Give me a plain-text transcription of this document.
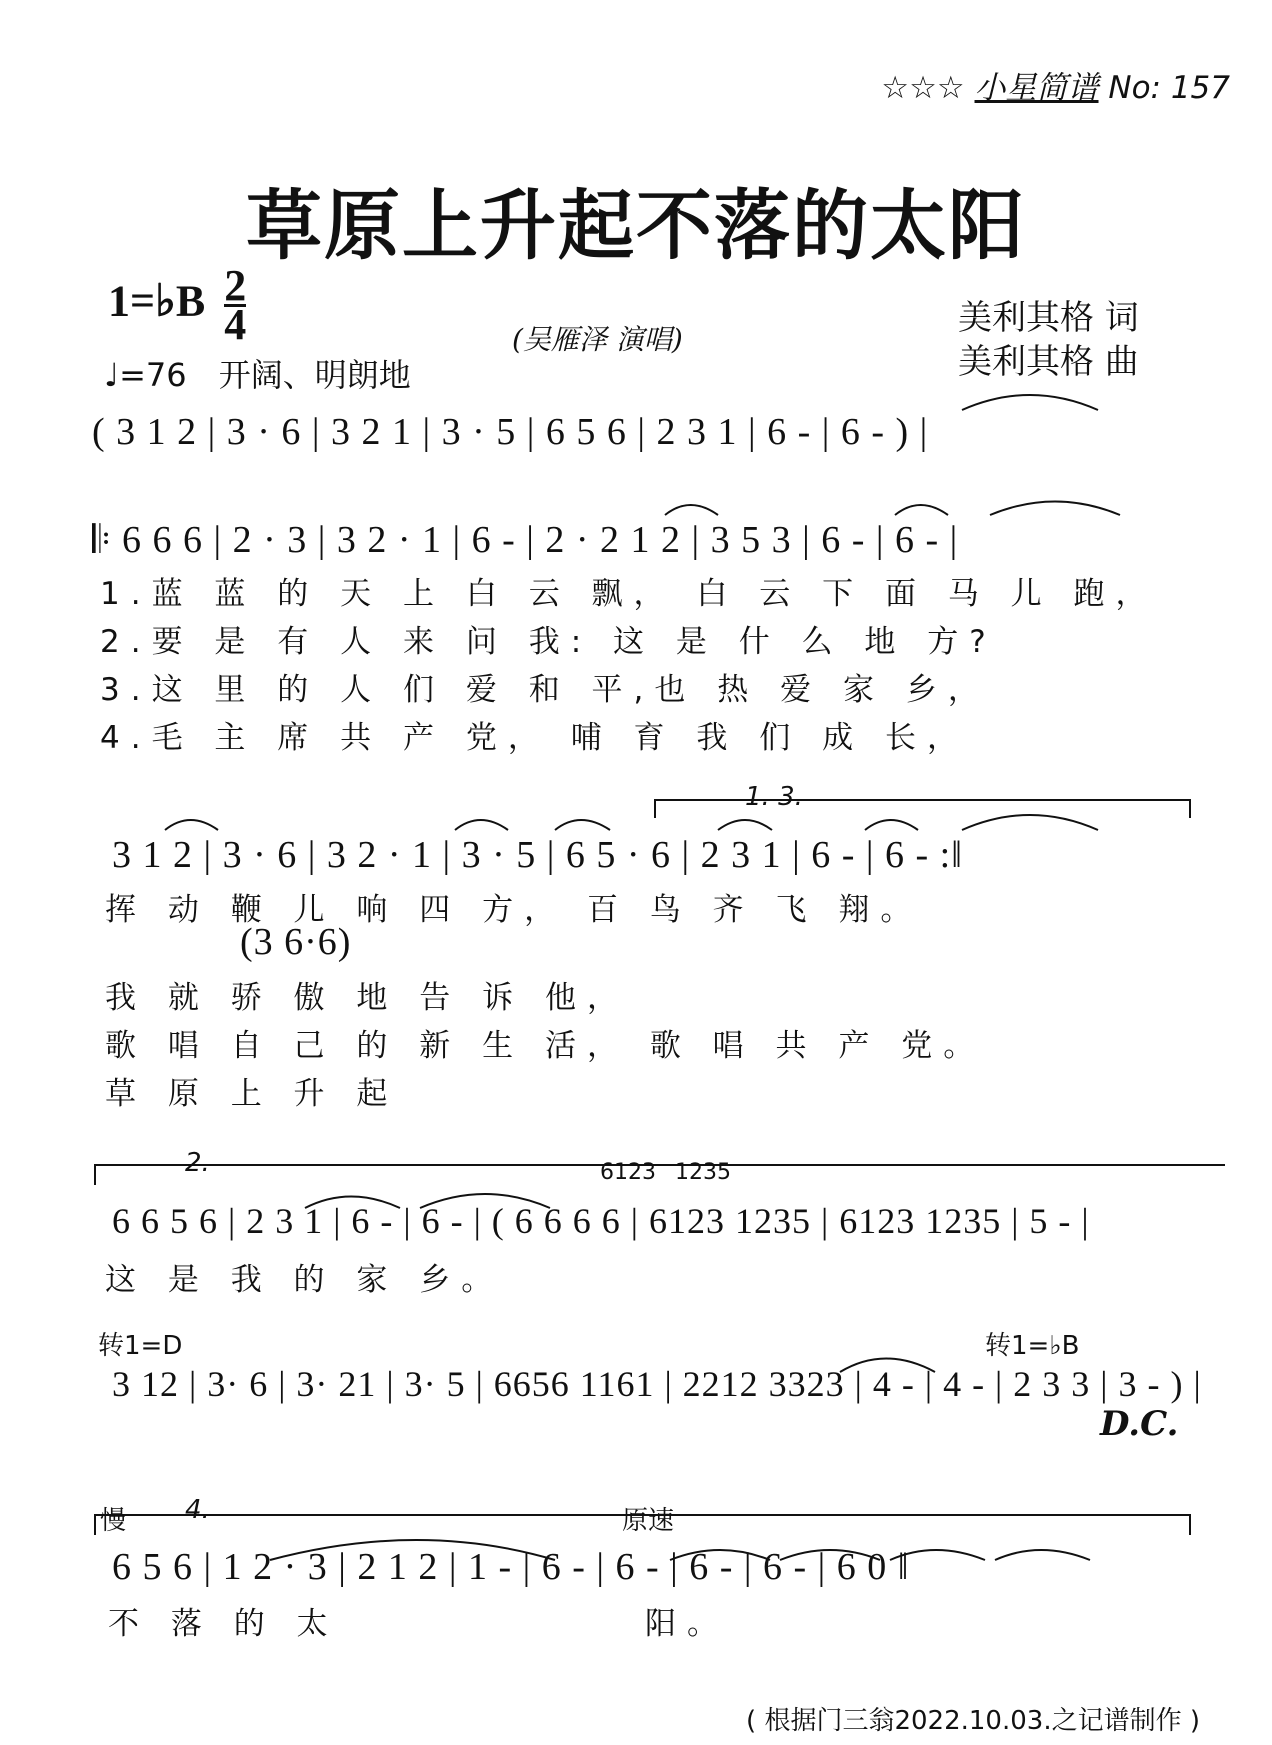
☆☆☆ 小星简谱 No: 157
草原上升起不落的太阳
1=♭B $\frac{2}{4}$
♩=76 开阔、明朗地
(吴雁泽 演唱)
美利其格 词
美利其格 曲
( 3 1 2 | 3 · 6 | 3 2 1 | 3 · 5 | 6 5 6 | 2 3 1 | 6 - | 6 - ) |
𝄆 6 6 6 | 2 · 3 | 3 2 · 1 | 6 - | 2 · 2 1 2 | 3 5 3 | 6 - | 6 - |
1.蓝 蓝 的 天 上 白 云 飘， 白 云 下 面 马 儿 跑，
2.要 是 有 人 来 问 我: 这 是 什 么 地 方?
3.这 里 的 人 们 爱 和 平,也 热 爱 家 乡，
4.毛 主 席 共 产 党， 哺 育 我 们 成 长，
1. 3.
3 1 2 | 3 · 6 | 3 2 · 1 | 3 · 5 | 6 5 · 6 | 2 3 1 | 6 - | 6 - :‖
挥 动 鞭 儿 响 四 方， 百 鸟 齐 飞 翔。
(3 6·6)
我 就 骄 傲 地 告 诉 他，
歌 唱 自 己 的 新 生 活， 歌 唱 共 产 党。
草 原 上 升 起
2.	6123 1235
6 6 5 6 | 2 3 1 | 6 - | 6 - | ( 6 6 6 6 | 6123 1235 | 6123 1235 | 5 - |
这 是 我 的 家 乡。
转1=D	转1=♭B
3 12 | 3· 6 | 3· 21 | 3· 5 | 6656 1161 | 2212 3323 | 4 - | 4 - | 2 3 3 | 3 - ) |
D.C.
4.
慢	原速
6 5 6 | 1 2 · 3 | 2 1 2 | 1 - | 6 - | 6 - | 6 - | 6 - | 6 0 ‖
不 落 的 太	阳。
( 根据门三翁2022.10.03.之记谱制作 )
